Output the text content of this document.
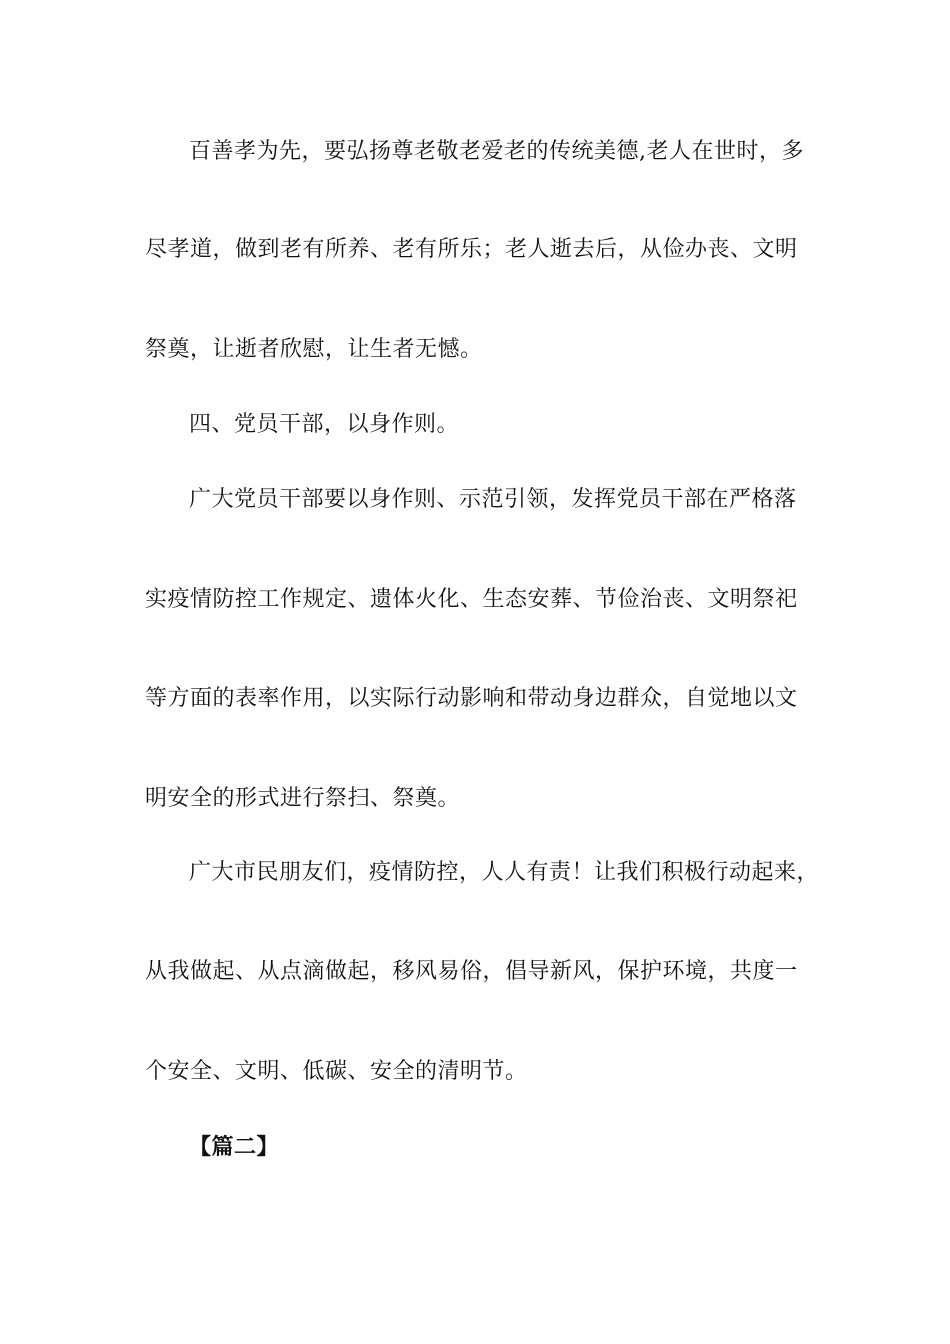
百善孝为先，要弘扬尊老敬老爱老的传统美德,老人在世时，多
尽孝道，做到老有所养、老有所乐；老人逝去后，从俭办丧、文明
祭奠，让逝者欣慰，让生者无憾。
四、党员干部，以身作则。
广大党员干部要以身作则、示范引领，发挥党员干部在严格落
实疫情防控工作规定、遗体火化、生态安葬、节俭治丧、文明祭祀
等方面的表率作用，以实际行动影响和带动身边群众，自觉地以文
明安全的形式进行祭扫、祭奠。
广大市民朋友们，疫情防控，人人有责！让我们积极行动起来，
从我做起、从点滴做起，移风易俗，倡导新风，保护环境，共度一
个安全、文明、低碳、安全的清明节。
【篇二】
